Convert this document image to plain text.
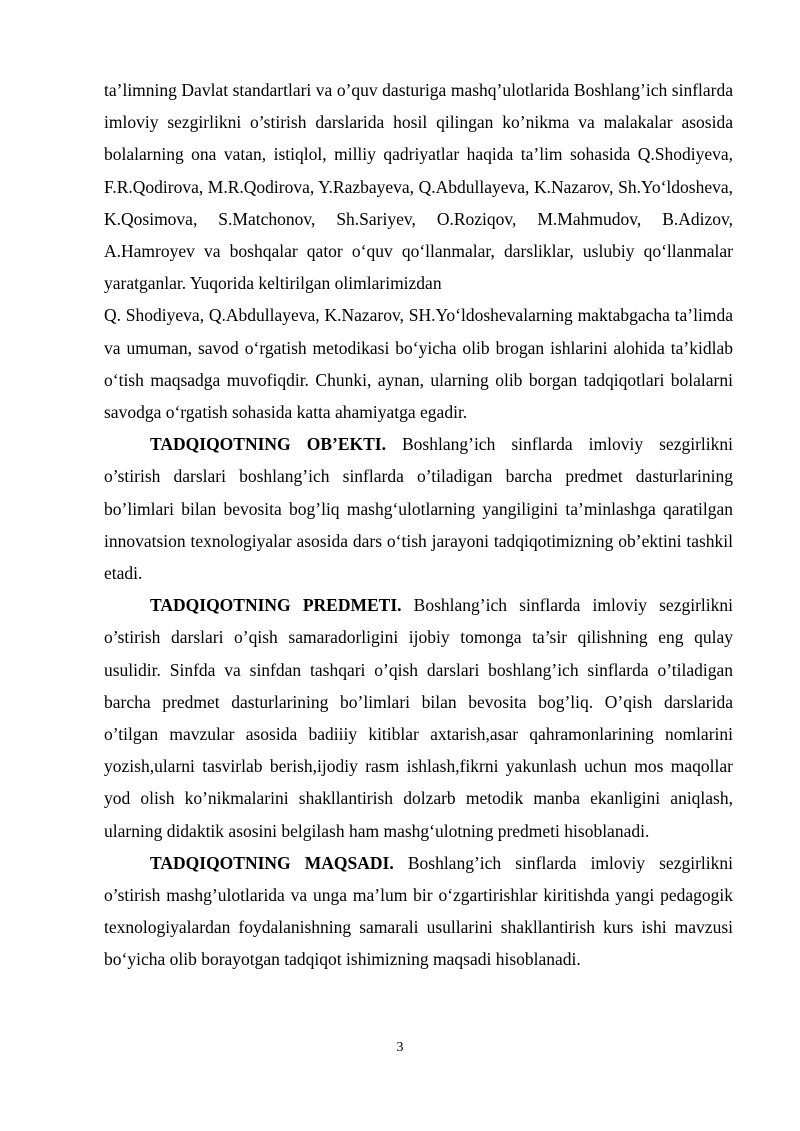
ta’limning Davlat standartlari va o’quv dasturiga mashq’ulotlarida Boshlang’ich sinflarda imloviy sezgirlikni o’stirish darslarida hosil qilingan ko’nikma va malakalar asosida bolalarning ona vatan, istiqlol, milliy qadriyatlar haqida ta’lim sohasida Q.Shodiyeva, F.R.Qodirova, M.R.Qodirova, Y.Razbayeva, Q.Abdullayeva, K.Nazarov, Sh.Yo‘ldosheva, K.Qosimova, S.Matchonov, Sh.Sariyev, O.Roziqov, M.Mahmudov, B.Adizov, A.Hamroyev va boshqalar qator o‘quv qo‘llanmalar, darsliklar, uslubiy qo‘llanmalar yaratganlar. Yuqorida keltirilgan olimlarimizdan

Q. Shodiyeva, Q.Abdullayeva, K.Nazarov, SH.Yo‘ldoshevalarning maktabgacha ta’limda va umuman, savod o‘rgatish metodikasi bo‘yicha olib brogan ishlarini alohida ta’kidlab o‘tish maqsadga muvofiqdir. Chunki, aynan, ularning olib borgan tadqiqotlari bolalarni savodga o‘rgatish sohasida katta ahamiyatga egadir.

TADQIQOTNING OB’EKTI. Boshlang’ich sinflarda imloviy sezgirlikni o’stirish darslari boshlang’ich sinflarda o’tiladigan barcha predmet dasturlarining bo’limlari bilan bevosita bog’liq mashg‘ulotlarning yangiligini ta’minlashga qaratilgan innovatsion texnologiyalar asosida dars o‘tish jarayoni tadqiqotimizning ob’ektini tashkil etadi.

TADQIQOTNING PREDMETI. Boshlang’ich sinflarda imloviy sezgirlikni o’stirish darslari o’qish samaradorligini ijobiy tomonga ta’sir qilishning eng qulay usulidir. Sinfda va sinfdan tashqari o’qish darslari boshlang’ich sinflarda o’tiladigan barcha predmet dasturlarining bo’limlari bilan bevosita bog’liq. O’qish darslarida o’tilgan mavzular asosida badiiiy kitiblar axtarish,asar qahramonlarining nomlarini yozish,ularni tasvirlab berish,ijodiy rasm ishlash,fikrni yakunlash uchun mos maqollar yod olish ko’nikmalarini shakllantirish dolzarb metodik manba ekanligini aniqlash, ularning didaktik asosini belgilash ham mashg‘ulotning predmeti hisoblanadi.

TADQIQOTNING MAQSADI. Boshlang’ich sinflarda imloviy sezgirlikni o’stirish mashg’ulotlarida va unga ma’lum bir o‘zgartirishlar kiritishda yangi pedagogik texnologiyalardan foydalanishning samarali usullarini shakllantirish kurs ishi mavzusi bo‘yicha olib borayotgan tadqiqot ishimizning maqsadi hisoblanadi.

3
